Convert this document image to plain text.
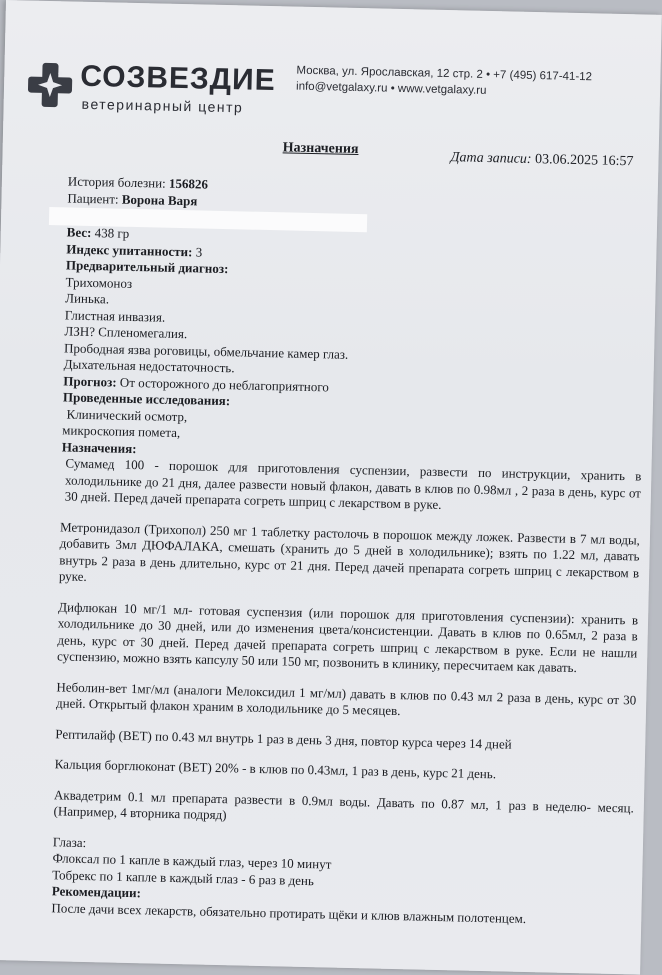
СОЗВЕЗДИЕ
ветеринарный центр
Москва, ул. Ярославская, 12 стр. 2 • +7 (495) 617-41-12
info@vetgalaxy.ru • www.vetgalaxy.ru
Назначения
Дата записи: 03.06.2025 16:57
История болезни: 156826
Пациент: Ворона Варя
Вес: 438 гр
Индекс упитанности: 3
Предварительный диагноз:
Трихомоноз
Линька.
Глистная инвазия.
ЛЗН? Спленомегалия.
Прободная язва роговицы, обмельчание камер глаз.
Дыхательная недостаточность.
Прогноз: От осторожного до неблагоприятного
Проведенные исследования:
Клинический осмотр,
микроскопия помета,
Назначения:
Сумамед 100 - порошок для приготовления суспензии, развести по инструкции, хранить в холодильнике до 21 дня, далее развести новый флакон, давать в клюв по 0.98мл , 2 раза в день, курс от 30 дней. Перед дачей препарата согреть шприц с лекарством в руке.
Метронидазол (Трихопол) 250 мг 1 таблетку растолочь в порошок между ложек. Развести в 7 мл воды, добавить 3мл ДЮФАЛАКА, смешать (хранить до 5 дней в холодильнике); взять по 1.22 мл, давать внутрь 2 раза в день длительно, курс от 21 дня. Перед дачей препарата согреть шприц с лекарством в руке.
Дифлюкан 10 мг/1 мл- готовая суспензия (или порошок для приготовления суспензии): хранить в холодильнике до 30 дней, или до изменения цвета/консистенции. Давать в клюв по 0.65мл, 2 раза в день, курс от 30 дней. Перед дачей препарата согреть шприц с лекарством в руке. Если не нашли суспензию, можно взять капсулу 50 или 150 мг, позвонить в клинику, пересчитаем как давать.
Неболин-вет 1мг/мл (аналоги Мелоксидил 1 мг/мл) давать в клюв по 0.43 мл 2 раза в день, курс от 30 дней. Открытый флакон храним в холодильнике до 5 месяцев.
Рептилайф (ВЕТ) по 0.43 мл внутрь 1 раз в день 3 дня, повтор курса через 14 дней
Кальция борглюконат (ВЕТ) 20% - в клюв по 0.43мл, 1 раз в день, курс 21 день.
Аквадетрим 0.1 мл препарата развести в 0.9мл воды. Давать по 0.87 мл, 1 раз в неделю- месяц. (Например, 4 вторника подряд)
Глаза:
Флоксал по 1 капле в каждый глаз, через 10 минут
Тобрекс по 1 капле в каждый глаз - 6 раз в день
Рекомендации:
После дачи всех лекарств, обязательно протирать щёки и клюв влажным полотенцем.
